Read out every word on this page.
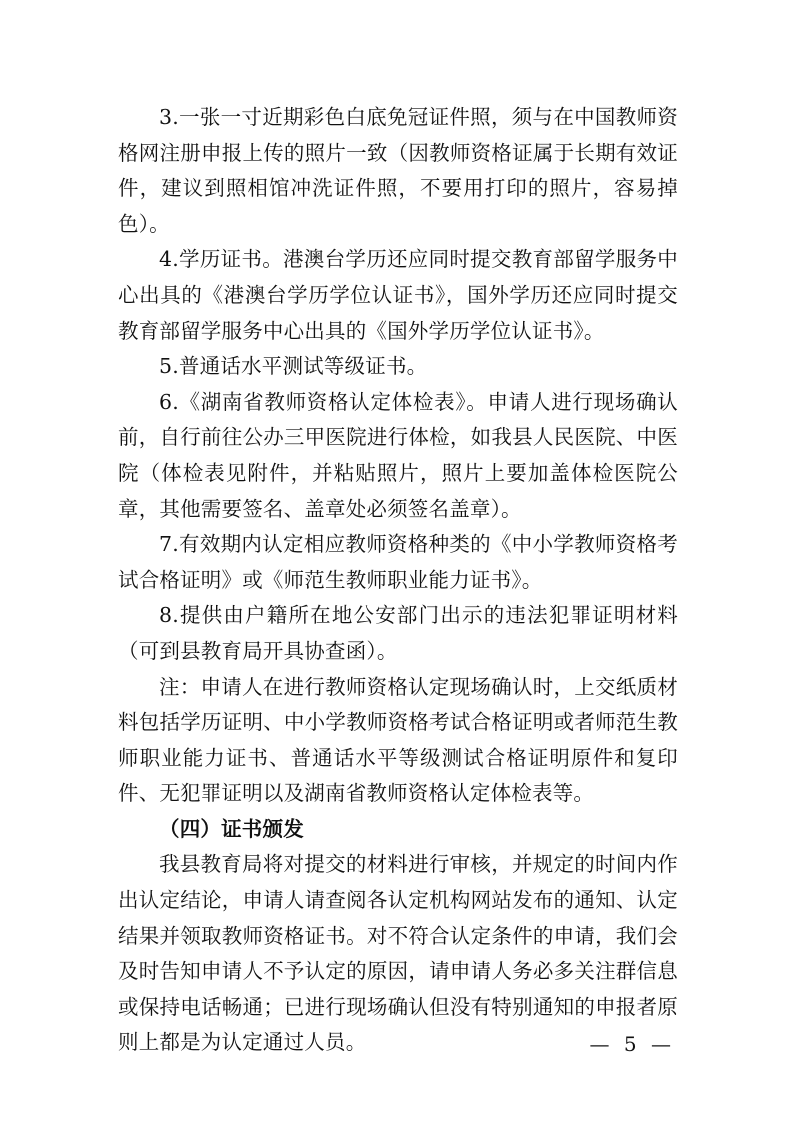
3.一张一寸近期彩色白底免冠证件照，须与在中国教师资格网注册申报上传的照片一致（因教师资格证属于长期有效证件，建议到照相馆冲洗证件照，不要用打印的照片，容易掉色）。

4.学历证书。港澳台学历还应同时提交教育部留学服务中心出具的《港澳台学历学位认证书》，国外学历还应同时提交教育部留学服务中心出具的《国外学历学位认证书》。

5.普通话水平测试等级证书。

6.《湖南省教师资格认定体检表》。申请人进行现场确认前，自行前往公办三甲医院进行体检，如我县人民医院、中医院（体检表见附件，并粘贴照片，照片上要加盖体检医院公章，其他需要签名、盖章处必须签名盖章）。

7.有效期内认定相应教师资格种类的《中小学教师资格考试合格证明》或《师范生教师职业能力证书》。

8.提供由户籍所在地公安部门出示的违法犯罪证明材料（可到县教育局开具协查函）。

注：申请人在进行教师资格认定现场确认时，上交纸质材料包括学历证明、中小学教师资格考试合格证明或者师范生教师职业能力证书、普通话水平等级测试合格证明原件和复印件、无犯罪证明以及湖南省教师资格认定体检表等。

（四）证书颁发

我县教育局将对提交的材料进行审核，并规定的时间内作出认定结论，申请人请查阅各认定机构网站发布的通知、认定结果并领取教师资格证书。对不符合认定条件的申请，我们会及时告知申请人不予认定的原因，请申请人务必多关注群信息或保持电话畅通；已进行现场确认但没有特别通知的申报者原则上都是为认定通过人员。	— 5 —
